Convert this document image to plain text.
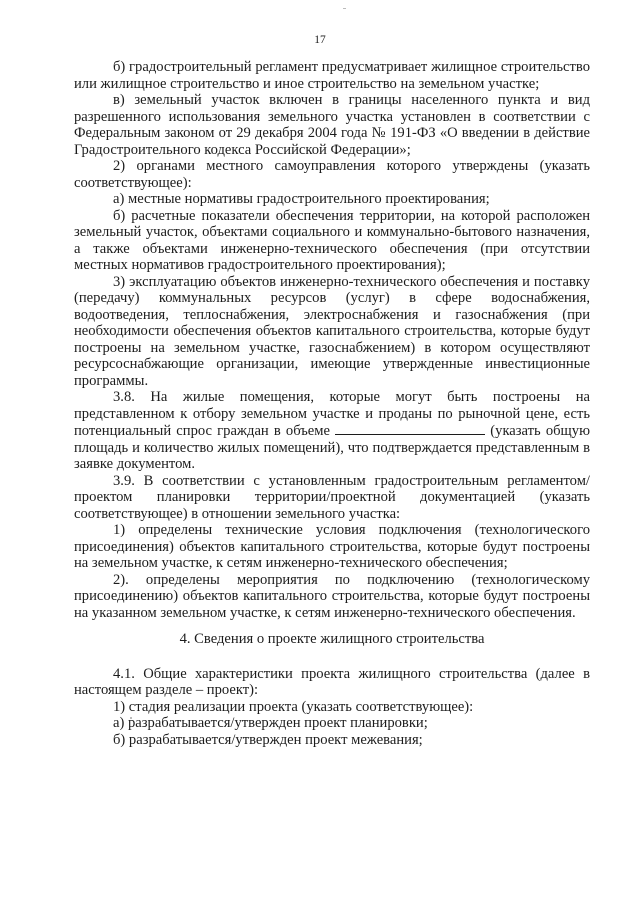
17

б) градостроительный регламент предусматривает жилищное строительство или жилищное строительство и иное строительство на земельном участке;

в) земельный участок включен в границы населенного пункта и вид разрешенного использования земельного участка установлен в соответствии с Федеральным законом от 29 декабря 2004 года № 191-ФЗ «О введении в действие Градостроительного кодекса Российской Федерации»;

2) органами местного самоуправления которого утверждены (указать соответствующее):

а) местные нормативы градостроительного проектирования;

б) расчетные показатели обеспечения территории, на которой расположен земельный участок, объектами социального и коммунально-бытового назначения, а также объектами инженерно-технического обеспечения (при отсутствии местных нормативов градостроительного проектирования);

3) эксплуатацию объектов инженерно-технического обеспечения и поставку (передачу) коммунальных ресурсов (услуг) в сфере водоснабжения, водоотведения, теплоснабжения, электроснабжения и газоснабжения (при необходимости обеспечения объектов капитального строительства, которые будут построены на земельном участке, газоснабжением) в котором осуществляют ресурсоснабжающие организации, имеющие утвержденные инвестиционные программы.

3.8. На жилые помещения, которые могут быть построены на представленном к отбору земельном участке и проданы по рыночной цене, есть потенциальный спрос граждан в объеме	(указать общую площадь и количество жилых помещений), что подтверждается представленным в заявке документом.

3.9. В соответствии с установленным градостроительным регламентом/проектом планировки территории/проектной документацией (указать соответствующее) в отношении земельного участка:

1) определены технические условия подключения (технологического присоединения) объектов капитального строительства, которые будут построены на земельном участке, к сетям инженерно-технического обеспечения;

2). определены мероприятия по подключению (технологическому присоединению) объектов капитального строительства, которые будут построены на указанном земельном участке, к сетям инженерно-технического обеспечения.

4. Сведения о проекте жилищного строительства

4.1. Общие характеристики проекта жилищного строительства (далее в настоящем разделе – проект):

1) стадия реализации проекта (указать соответствующее):

а) разрабатывается/утвержден проект планировки;

б) разрабатывается/утвержден проект межевания;
